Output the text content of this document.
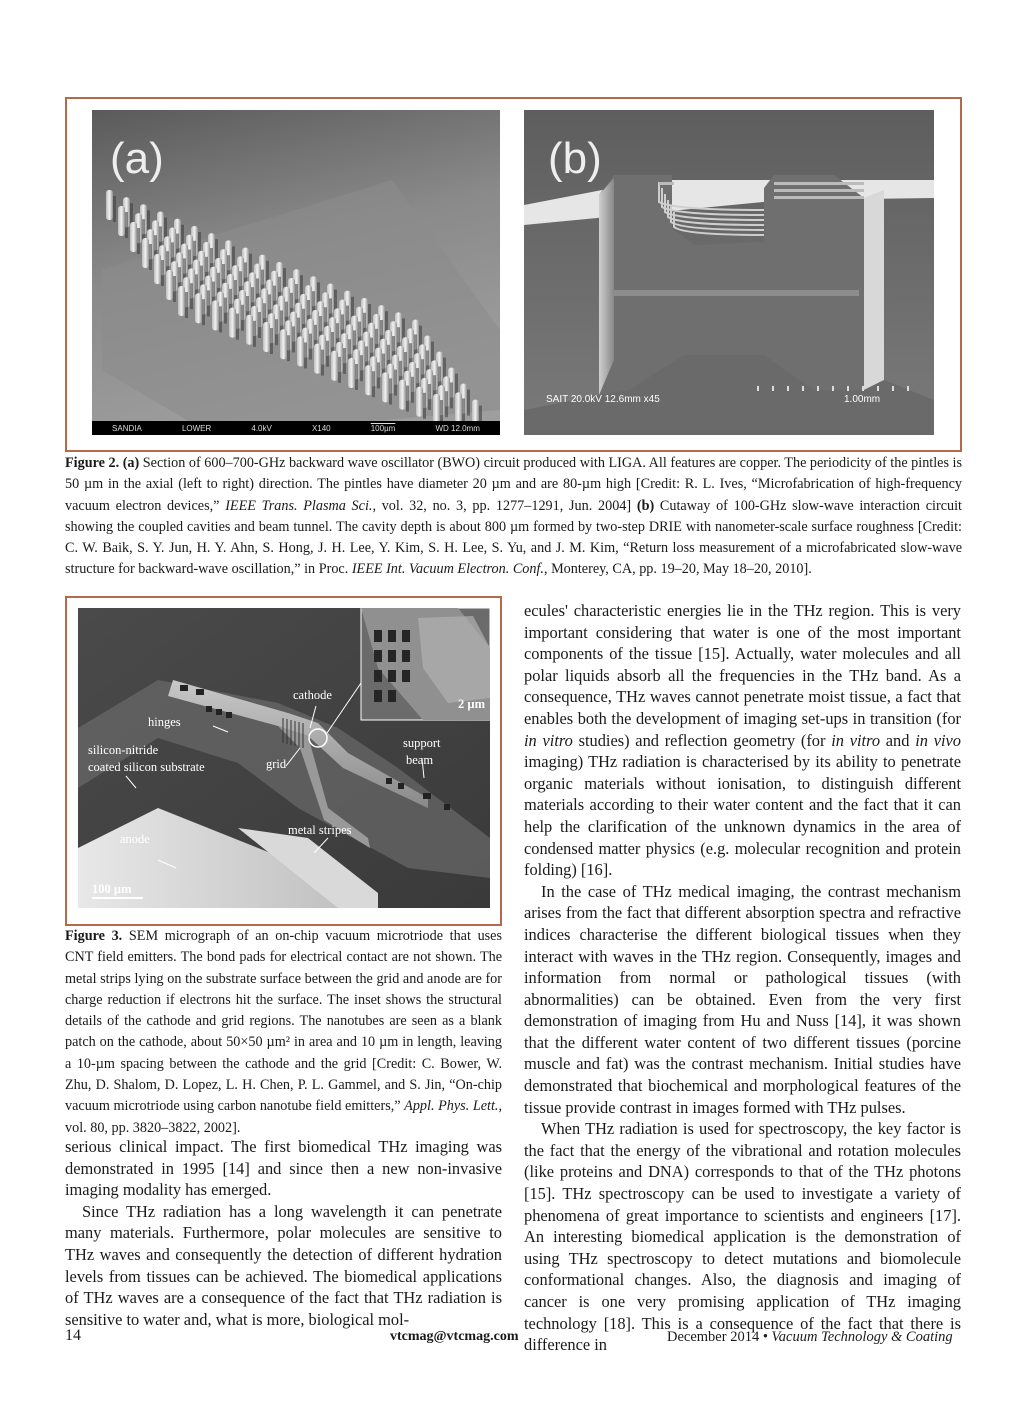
(a)
SANDIA	LOWER	4.0kV	X140	100µm	WD 12.0mm
(b)
SAIT 20.0kV 12.6mm x45	1.00mm
Figure 2. (a) Section of 600–700-GHz backward wave oscillator (BWO) circuit produced with LIGA. All features are copper. The periodicity of the pintles is 50 µm in the axial (left to right) direction. The pintles have diameter 20 µm and are 80-µm high [Credit: R. L. Ives, “Microfabrication of high-frequency vacuum electron devices,” IEEE Trans. Plasma Sci., vol. 32, no. 3, pp. 1277–1291, Jun. 2004] (b) Cutaway of 100-GHz slow-wave interaction circuit showing the coupled cavities and beam tunnel. The cavity depth is about 800 µm formed by two-step DRIE with nanometer-scale surface roughness [Credit: C. W. Baik, S. Y. Jun, H. Y. Ahn, S. Hong, J. H. Lee, Y. Kim, S. H. Lee, S. Yu, and J. M. Kim, “Return loss measurement of a microfabricated slow-wave structure for backward-wave oscillation,” in Proc. IEEE Int. Vacuum Electron. Conf., Monterey, CA, pp. 19–20, May 18–20, 2010].
cathode
hinges
silicon-nitride
coated silicon substrate	grid
support
beam
metal stripes
anode
100 µm
2 µm
Figure 3. SEM micrograph of an on-chip vacuum microtriode that uses CNT field emitters. The bond pads for electrical contact are not shown. The metal strips lying on the substrate surface between the grid and anode are for charge reduction if electrons hit the surface. The inset shows the structural details of the cathode and grid regions. The nanotubes are seen as a blank patch on the cathode, about 50×50 µm² in area and 10 µm in length, leaving a 10-µm spacing between the cathode and the grid [Credit: C. Bower, W. Zhu, D. Shalom, D. Lopez, L. H. Chen, P. L. Gammel, and S. Jin, “On-chip vacuum microtriode using carbon nanotube field emitters,” Appl. Phys. Lett., vol. 80, pp. 3820–3822, 2002].

serious clinical impact. The first biomedical THz imaging was demonstrated in 1995 [14] and since then a new non-invasive imaging modality has emerged.

Since THz radiation has a long wavelength it can penetrate many materials. Furthermore, polar molecules are sensitive to THz waves and consequently the detection of different hydration levels from tissues can be achieved. The biomedical applications of THz waves are a consequence of the fact that THz radiation is sensitive to water and, what is more, biological mol-

ecules' characteristic energies lie in the THz region. This is very important considering that water is one of the most important components of the tissue [15]. Actually, water molecules and all polar liquids absorb all the frequencies in the THz band. As a consequence, THz waves cannot penetrate moist tissue, a fact that enables both the development of imaging set-ups in transition (for in vitro studies) and reflection geometry (for in vitro and in vivo imaging) THz radiation is characterised by its ability to penetrate organic materials without ionisation, to distinguish different materials according to their water content and the fact that it can help the clarification of the unknown dynamics in the area of condensed matter physics (e.g. molecular recognition and protein folding) [16].

In the case of THz medical imaging, the contrast mechanism arises from the fact that different absorption spectra and refractive indices characterise the different biological tissues when they interact with waves in the THz region. Consequently, images and information from normal or pathological tissues (with abnormalities) can be obtained. Even from the very first demonstration of imaging from Hu and Nuss [14], it was shown that the different water content of two different tissues (porcine muscle and fat) was the contrast mechanism. Initial studies have demonstrated that biochemical and morphological features of the tissue provide contrast in images formed with THz pulses.

When THz radiation is used for spectroscopy, the key factor is the fact that the energy of the vibrational and rotation molecules (like proteins and DNA) corresponds to that of the THz photons [15]. THz spectroscopy can be used to investigate a variety of phenomena of great importance to scientists and engineers [17]. An interesting biomedical application is the demonstration of using THz spectroscopy to detect mutations and biomolecule conformational changes. Also, the diagnosis and imaging of cancer is one very promising application of THz imaging technology [18]. This is a consequence of the fact that there is difference in

14	vtcmag@vtcmag.com	December 2014 • Vacuum Technology & Coating
